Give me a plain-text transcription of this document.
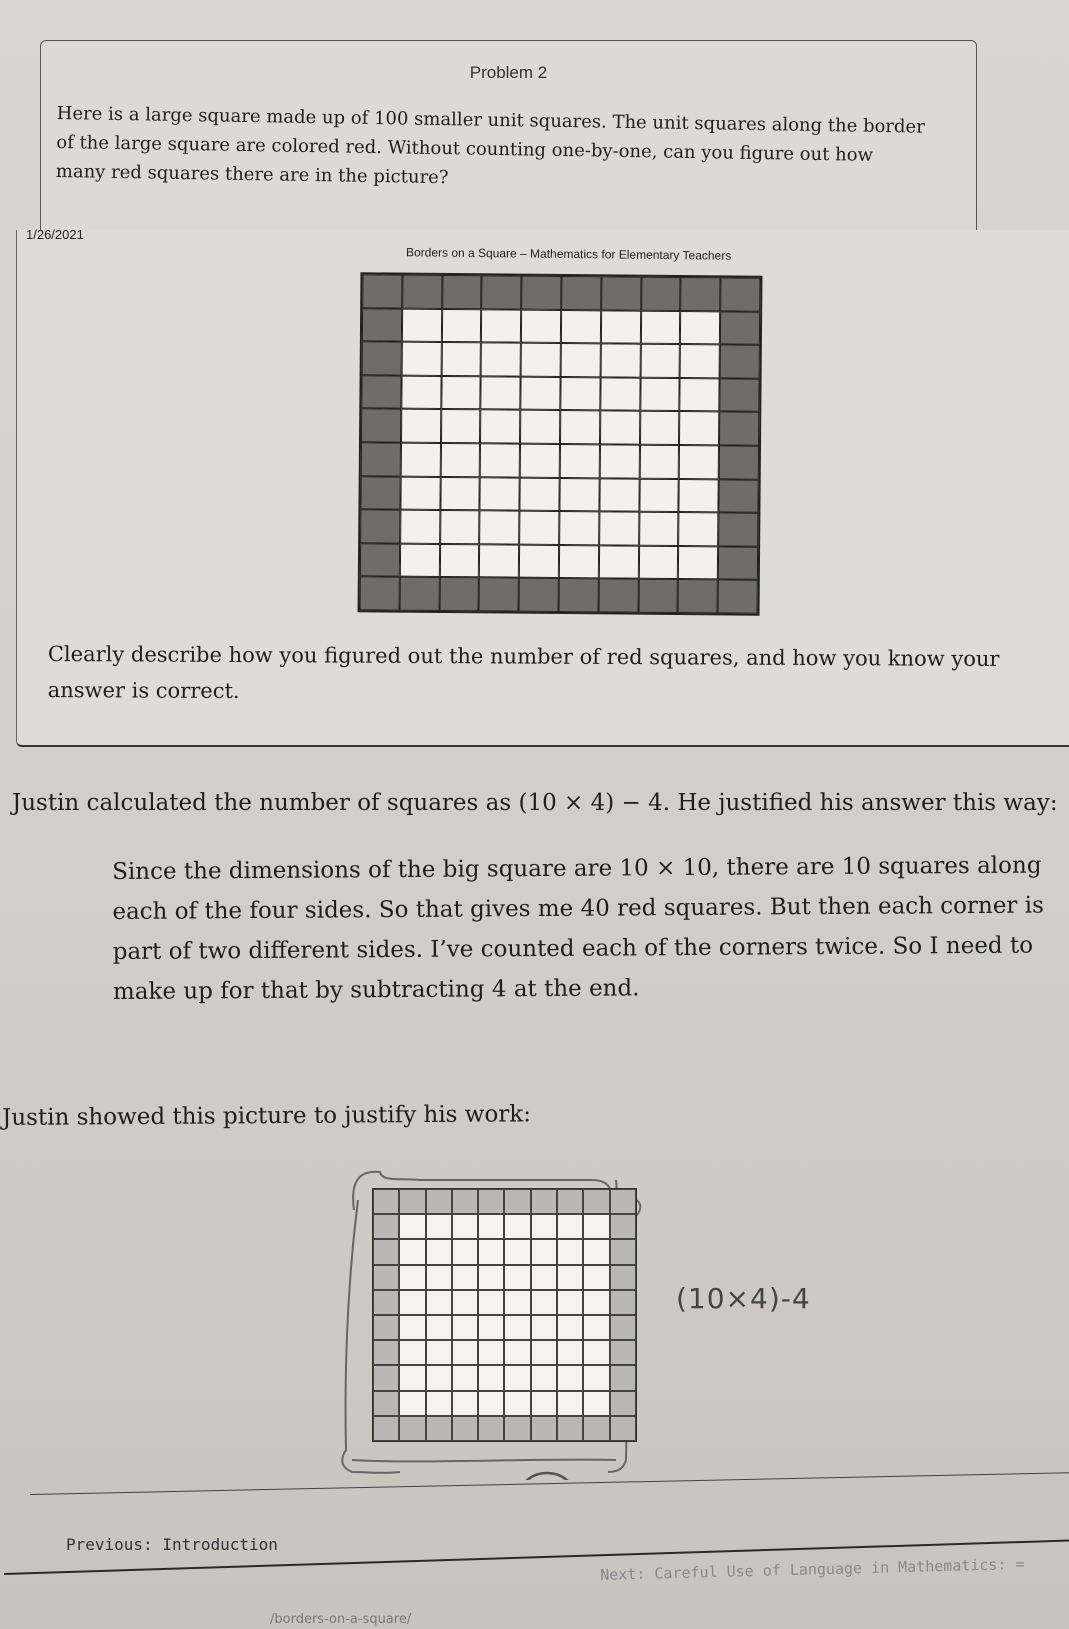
Problem 2
Here is a large square made up of 100 smaller unit squares. The unit squares along the border of the large square are colored red. Without counting one-by-one, can you figure out how many red squares there are in the picture?
1/26/2021
Borders on a Square – Mathematics for Elementary Teachers
Clearly describe how you figured out the number of red squares, and how you know your answer is correct.
Justin calculated the number of squares as (10 × 4) − 4. He justified his answer this way:
Since the dimensions of the big square are 10 × 10, there are 10 squares along each of the four sides. So that gives me 40 red squares. But then each corner is part of two different sides. I’ve counted each of the corners twice. So I need to make up for that by subtracting 4 at the end.
Justin showed this picture to justify his work:
(10×4)-4
Previous: Introduction
Next: Careful Use of Language in Mathematics: =
/borders-on-a-square/
